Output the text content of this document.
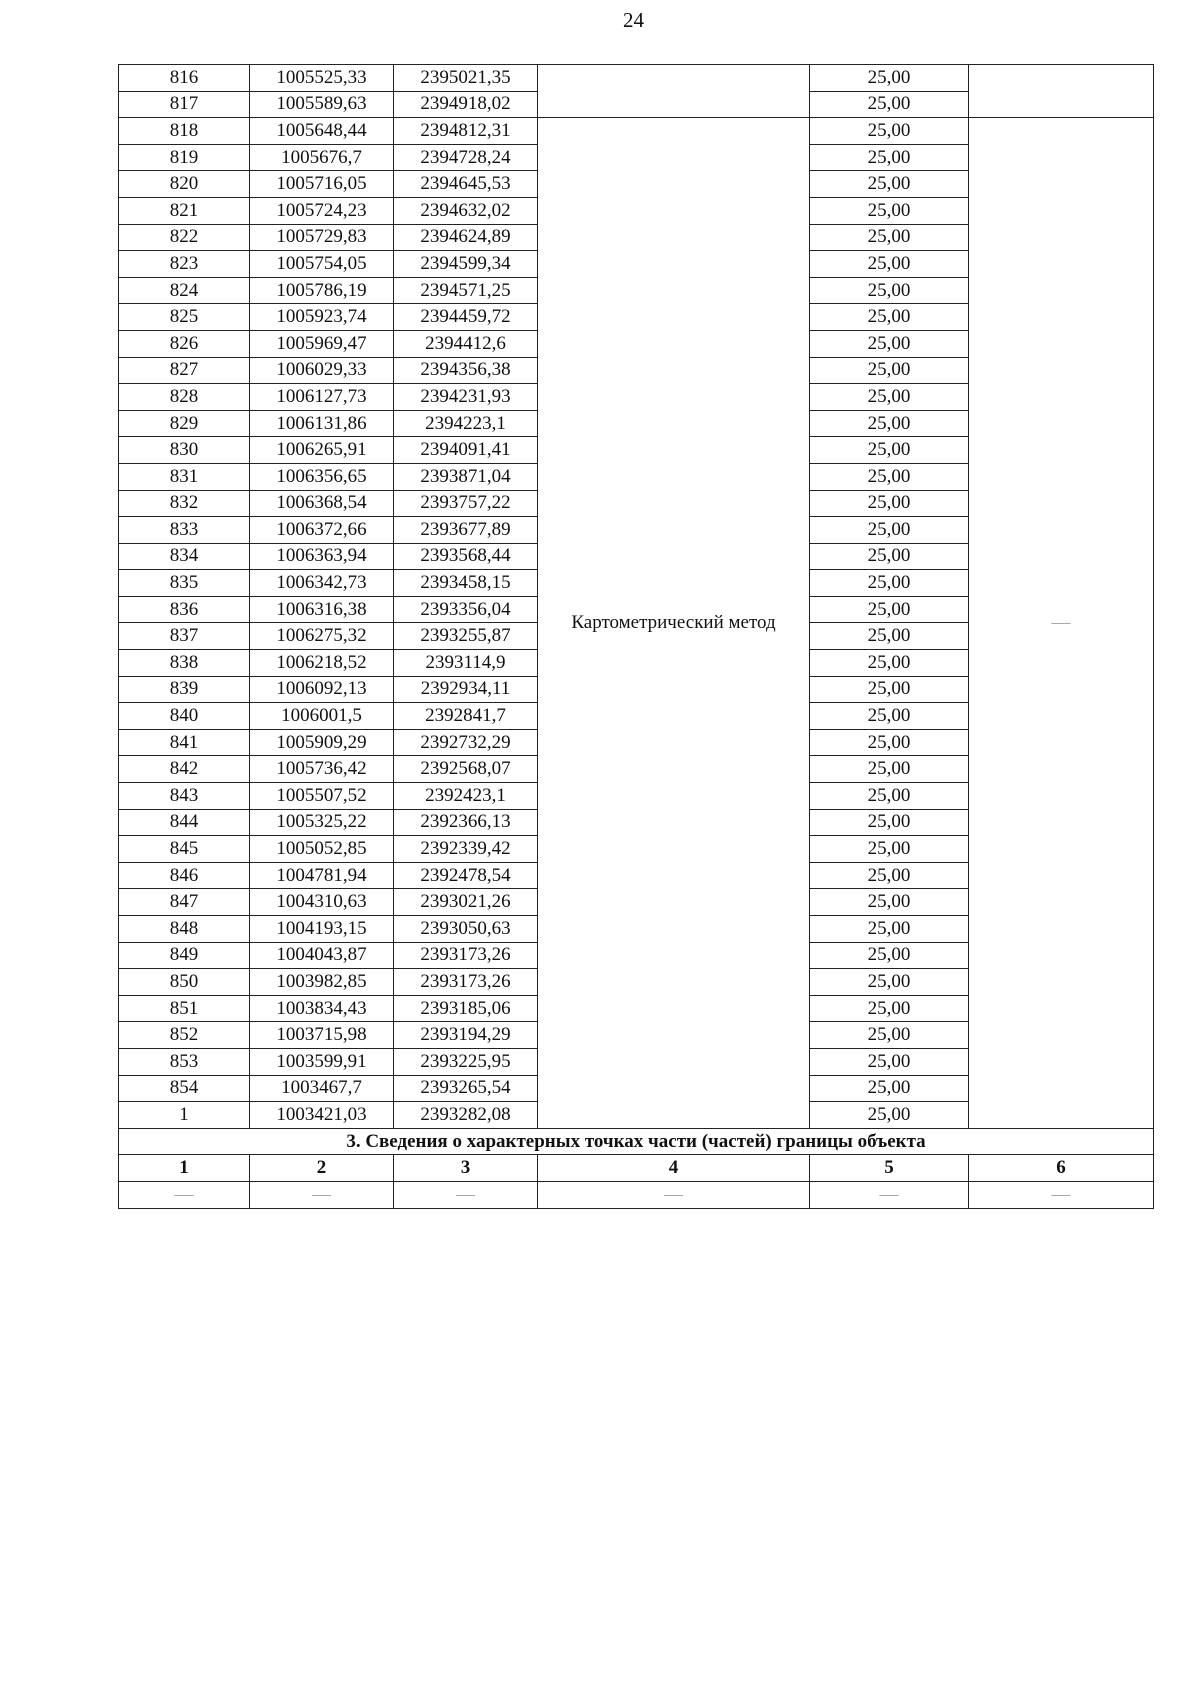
24
816	1005525,33	2395021,35		25,00	
817	1005589,63	2394918,02		25,00	
818	1005648,44	2394812,31	Картометрический метод	25,00	—
819	1005676,7	2394728,24		25,00	
820	1005716,05	2394645,53		25,00	
821	1005724,23	2394632,02		25,00	
822	1005729,83	2394624,89		25,00	
823	1005754,05	2394599,34		25,00	
824	1005786,19	2394571,25		25,00	
825	1005923,74	2394459,72		25,00	
826	1005969,47	2394412,6		25,00	
827	1006029,33	2394356,38		25,00	
828	1006127,73	2394231,93		25,00	
829	1006131,86	2394223,1		25,00	
830	1006265,91	2394091,41		25,00	
831	1006356,65	2393871,04		25,00	
832	1006368,54	2393757,22		25,00	
833	1006372,66	2393677,89		25,00	
834	1006363,94	2393568,44		25,00	
835	1006342,73	2393458,15		25,00	
836	1006316,38	2393356,04		25,00	
837	1006275,32	2393255,87		25,00	
838	1006218,52	2393114,9		25,00	
839	1006092,13	2392934,11		25,00	
840	1006001,5	2392841,7		25,00	
841	1005909,29	2392732,29		25,00	
842	1005736,42	2392568,07		25,00	
843	1005507,52	2392423,1		25,00	
844	1005325,22	2392366,13		25,00	
845	1005052,85	2392339,42		25,00	
846	1004781,94	2392478,54		25,00	
847	1004310,63	2393021,26		25,00	
848	1004193,15	2393050,63		25,00	
849	1004043,87	2393173,26		25,00	
850	1003982,85	2393173,26		25,00	
851	1003834,43	2393185,06		25,00	
852	1003715,98	2393194,29		25,00	
853	1003599,91	2393225,95		25,00	
854	1003467,7	2393265,54		25,00	
1	1003421,03	2393282,08		25,00	
3. Сведения о характерных точках части (частей) границы объекта					
1	2	3	4	5	6
—	—	—	—	—	—
